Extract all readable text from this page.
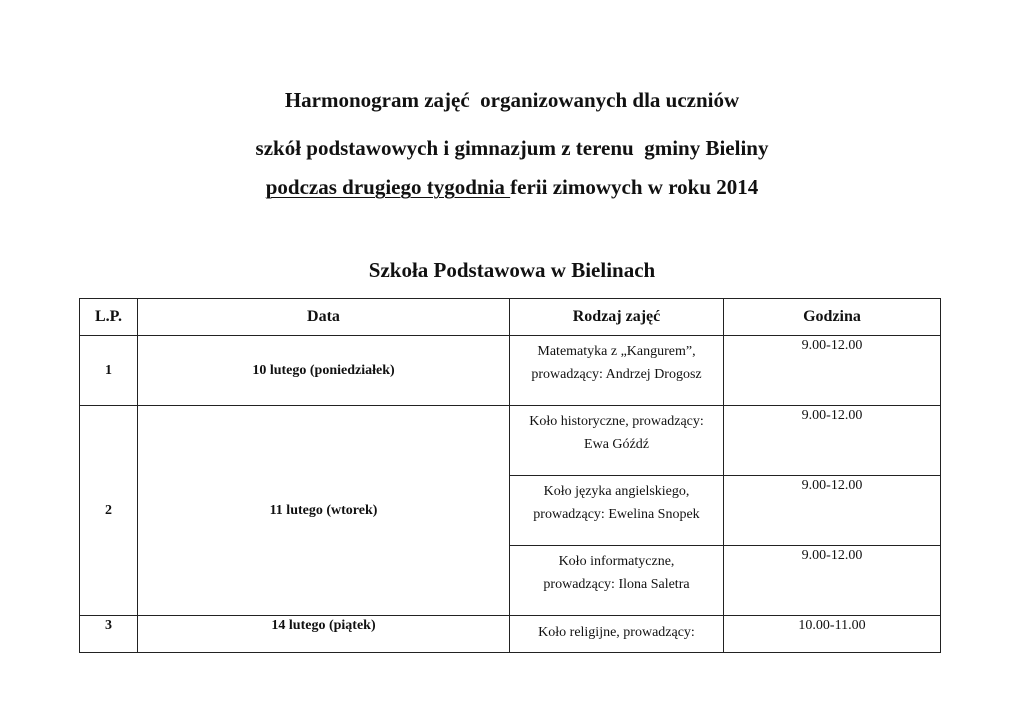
Harmonogram zajęć  organizowanych dla uczniów
szkół podstawowych i gimnazjum z terenu  gminy Bieliny
podczas drugiego tygodnia ferii zimowych w roku 2014
Szkoła Podstawowa w Bielinach
L.P.	Data	Rodzaj zajęć	Godzina
1	10 lutego (poniedziałek)	Matematyka z „Kangurem”,
prowadzący: Andrzej Drogosz	9.00-12.00
2	11 lutego (wtorek)	Koło historyczne, prowadzący:
Ewa Góźdź	9.00-12.00
		Koło języka angielskiego,
prowadzący: Ewelina Snopek	9.00-12.00
		Koło informatyczne,
prowadzący: Ilona Saletra	9.00-12.00
3	14 lutego (piątek)	Koło religijne, prowadzący:	10.00-11.00
